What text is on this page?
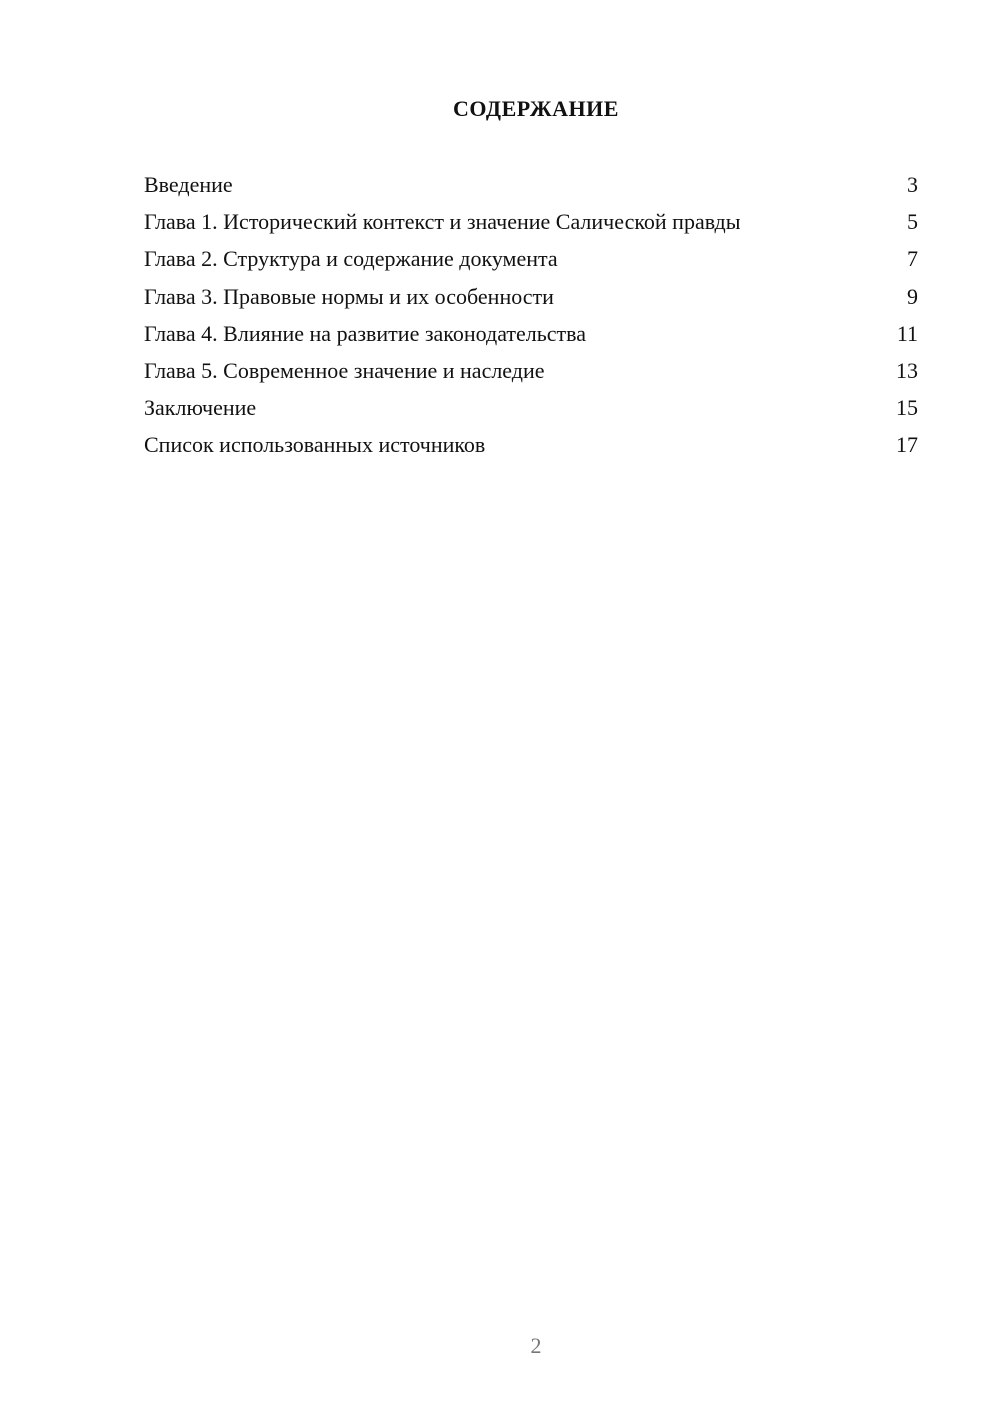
СОДЕРЖАНИЕ
Введение	3
Глава 1. Исторический контекст и значение Салической правды	5
Глава 2. Структура и содержание документа	7
Глава 3. Правовые нормы и их особенности	9
Глава 4. Влияние на развитие законодательства	11
Глава 5. Современное значение и наследие	13
Заключение	15
Список использованных источников	17
2
